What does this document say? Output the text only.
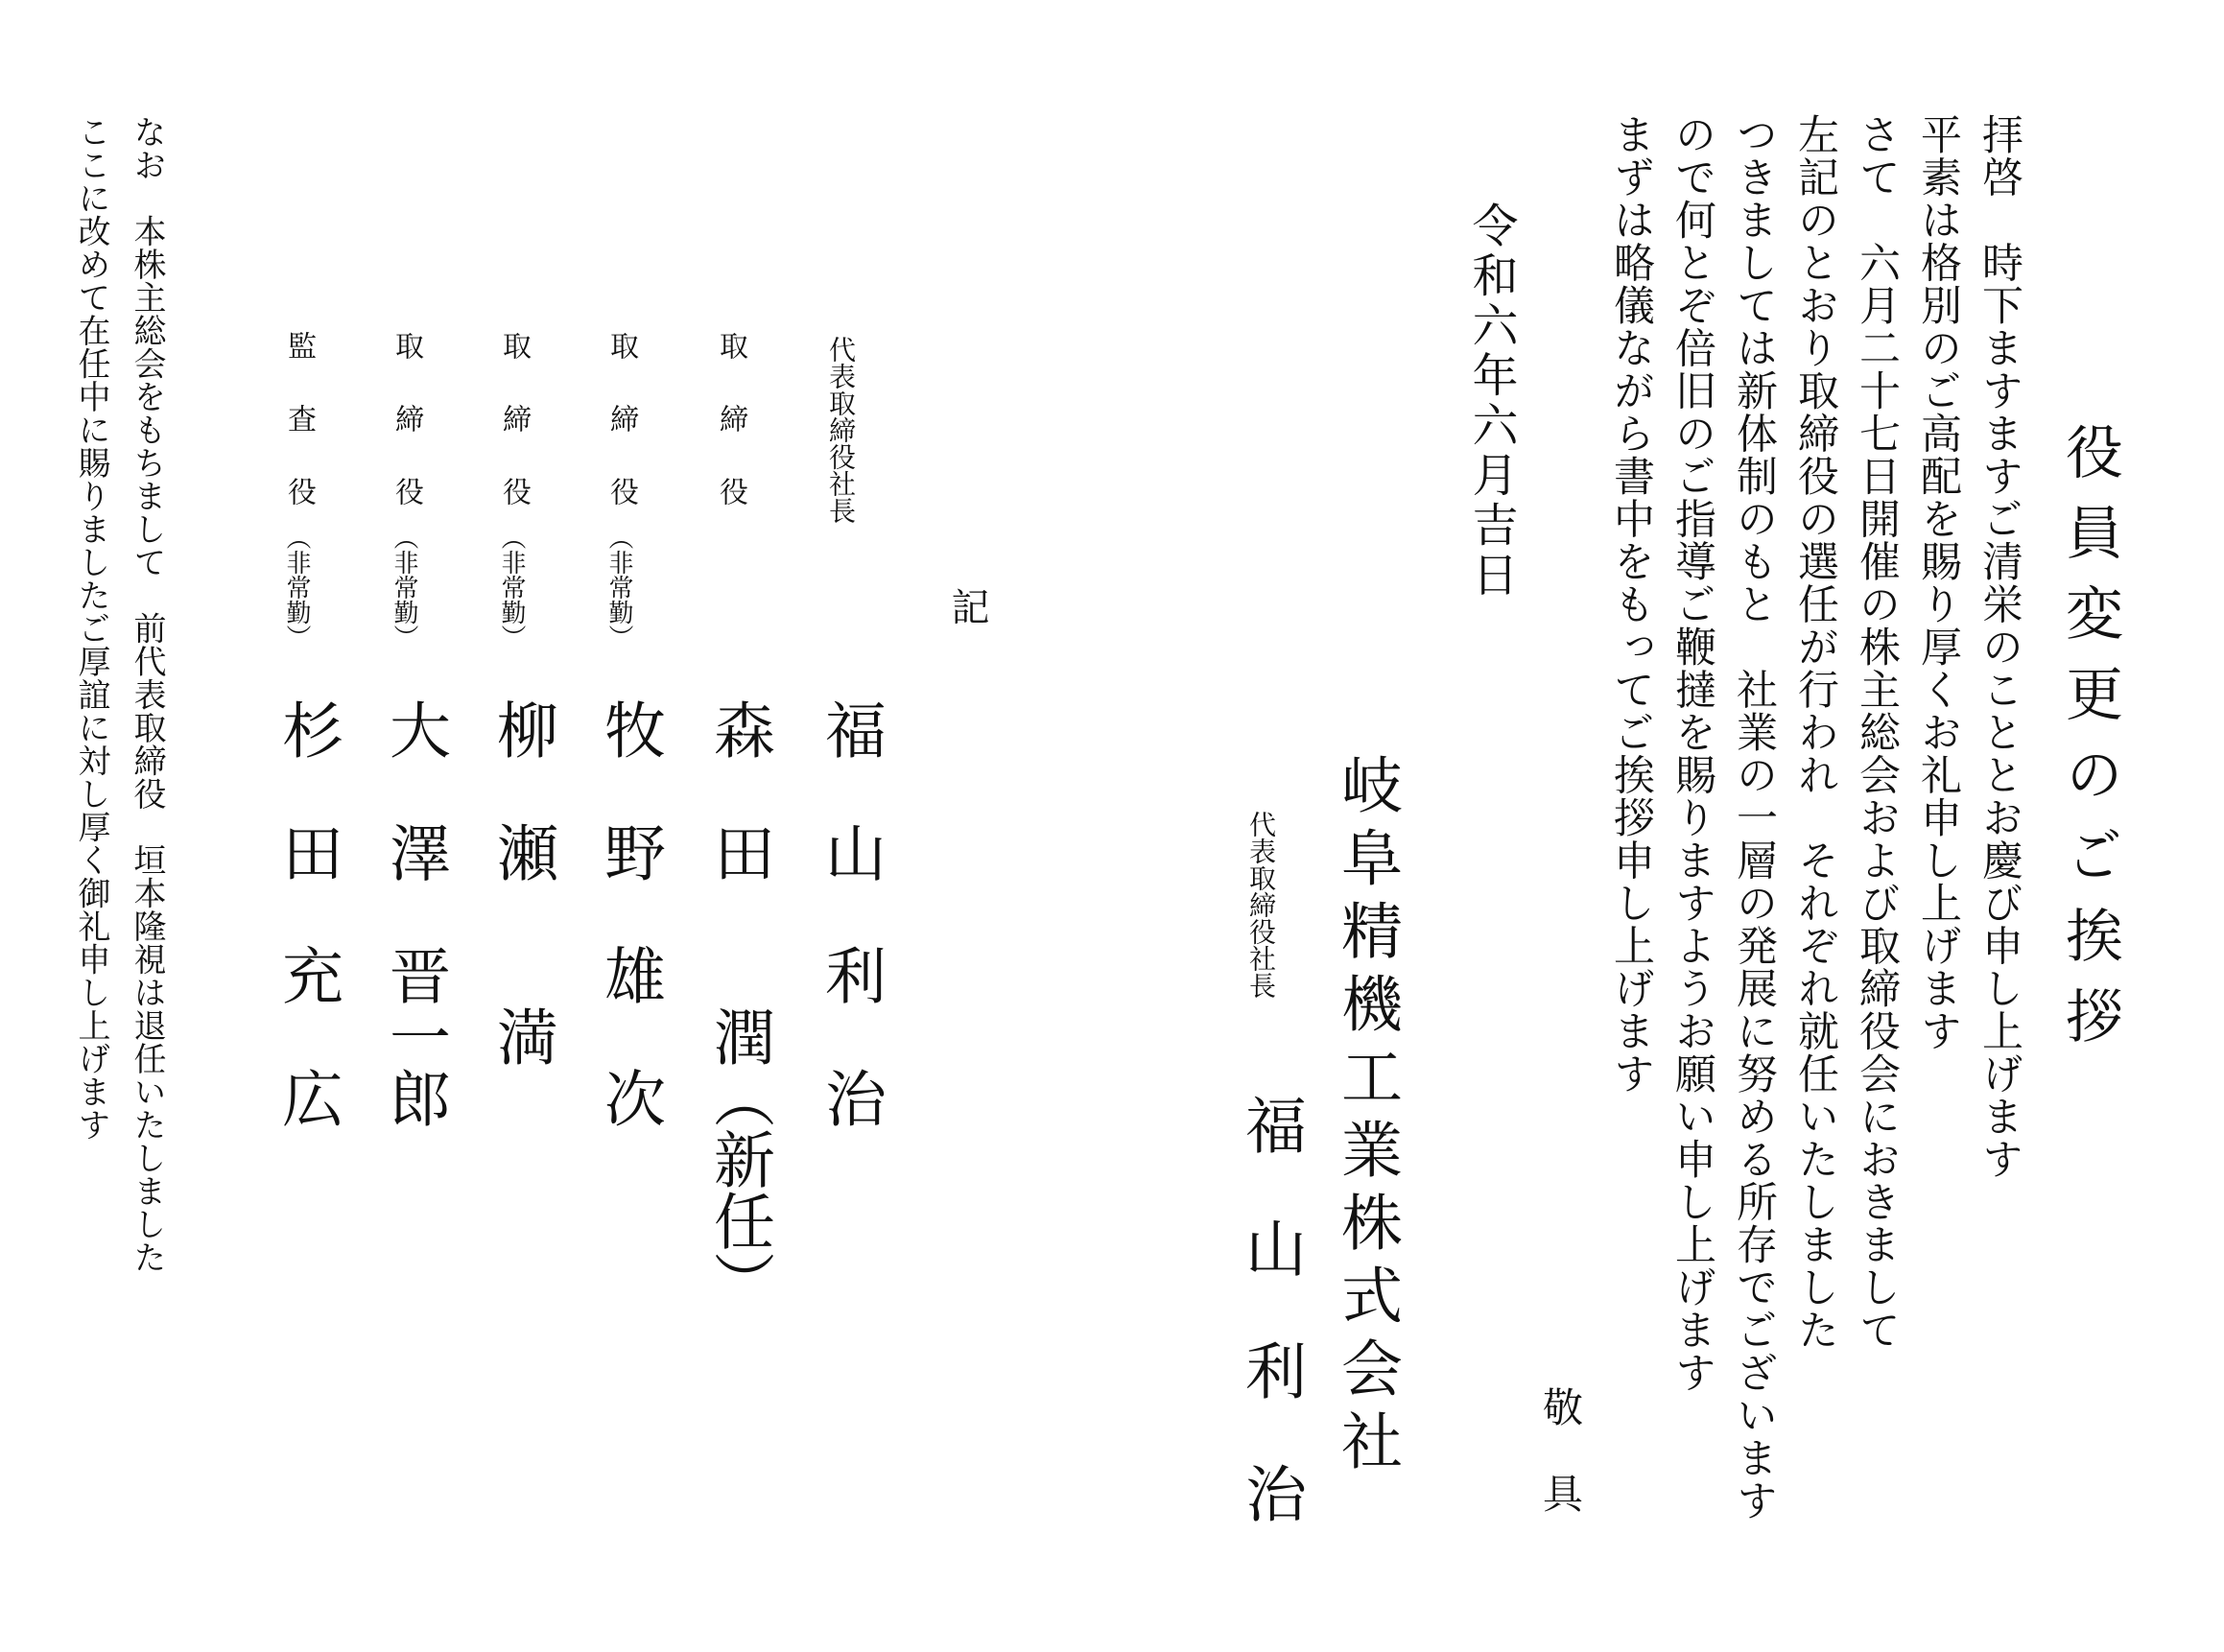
役員変更のご挨拶
拝啓　時下ますますご清栄のこととお慶び申し上げます
平素は格別のご高配を賜り厚くお礼申し上げます
さて　六月二十七日開催の株主総会および取締役会におきまして
左記のとおり取締役の選任が行われ　それぞれ就任いたしました
つきましては新体制のもと　社業の一層の発展に努める所存でございます
ので何とぞ倍旧のご指導ご鞭撻を賜りますようお願い申し上げます
まずは略儀ながら書中をもってご挨拶申し上げます
敬
具
令和六年六月吉日
岐阜精機工業株式会社
代表取締役社長
福　山　利　治
記
代表取締役社長
福　山　利　治
取
締
役
森　田　　潤（新任）
取
締
役
（非常勤）
牧　野　雄　次
取
締
役
（非常勤）
柳　瀬　　満
取
締
役
（非常勤）
大　澤　晋一郎
監
査
役
（非常勤）
杉　田　充　広
なお　本株主総会をもちまして　前代表取締役　垣本隆視は退任いたしました
ここに改めて在任中に賜りましたご厚誼に対し厚く御礼申し上げます
